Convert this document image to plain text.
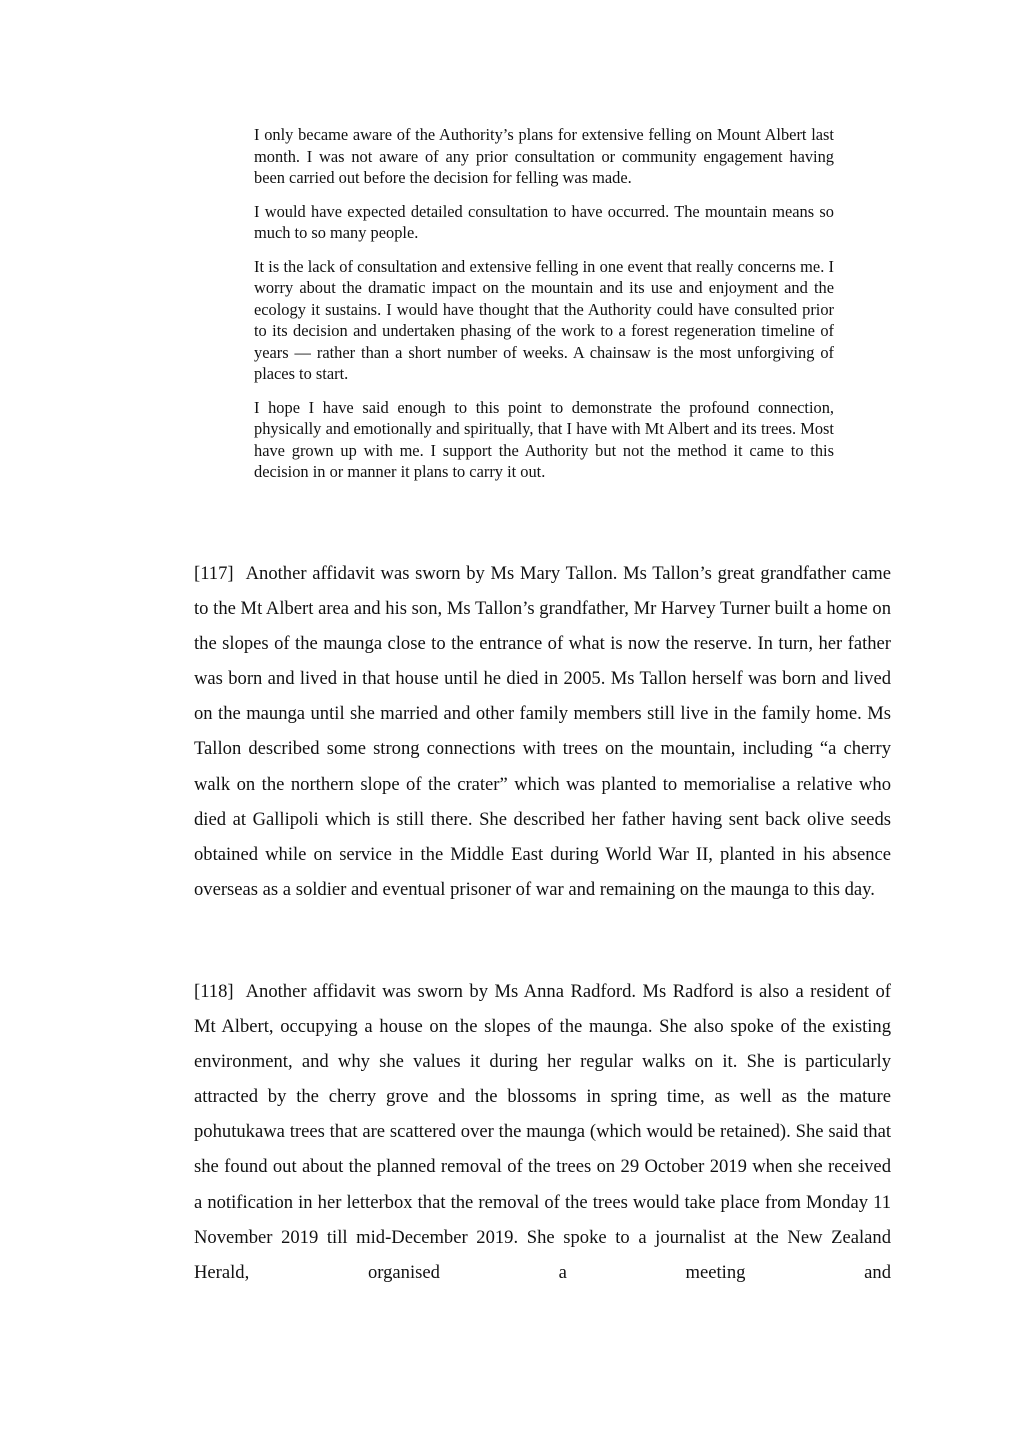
I only became aware of the Authority’s plans for extensive felling on Mount Albert last month. I was not aware of any prior consultation or community engagement having been carried out before the decision for felling was made.

I would have expected detailed consultation to have occurred. The mountain means so much to so many people.

It is the lack of consultation and extensive felling in one event that really concerns me. I worry about the dramatic impact on the mountain and its use and enjoyment and the ecology it sustains. I would have thought that the Authority could have consulted prior to its decision and undertaken phasing of the work to a forest regeneration timeline of years — rather than a short number of weeks. A chainsaw is the most unforgiving of places to start.

I hope I have said enough to this point to demonstrate the profound connection, physically and emotionally and spiritually, that I have with Mt Albert and its trees. Most have grown up with me. I support the Authority but not the method it came to this decision in or manner it plans to carry it out.

[117] Another affidavit was sworn by Ms Mary Tallon. Ms Tallon’s great grandfather came to the Mt Albert area and his son, Ms Tallon’s grandfather, Mr Harvey Turner built a home on the slopes of the maunga close to the entrance of what is now the reserve. In turn, her father was born and lived in that house until he died in 2005. Ms Tallon herself was born and lived on the maunga until she married and other family members still live in the family home. Ms Tallon described some strong connections with trees on the mountain, including “a cherry walk on the northern slope of the crater” which was planted to memorialise a relative who died at Gallipoli which is still there. She described her father having sent back olive seeds obtained while on service in the Middle East during World War II, planted in his absence overseas as a soldier and eventual prisoner of war and remaining on the maunga to this day.

[118] Another affidavit was sworn by Ms Anna Radford. Ms Radford is also a resident of Mt Albert, occupying a house on the slopes of the maunga. She also spoke of the existing environment, and why she values it during her regular walks on it. She is particularly attracted by the cherry grove and the blossoms in spring time, as well as the mature pohutukawa trees that are scattered over the maunga (which would be retained). She said that she found out about the planned removal of the trees on 29 October 2019 when she received a notification in her letterbox that the removal of the trees would take place from Monday 11 November 2019 till mid-December 2019. She spoke to a journalist at the New Zealand Herald, organised a meeting and
